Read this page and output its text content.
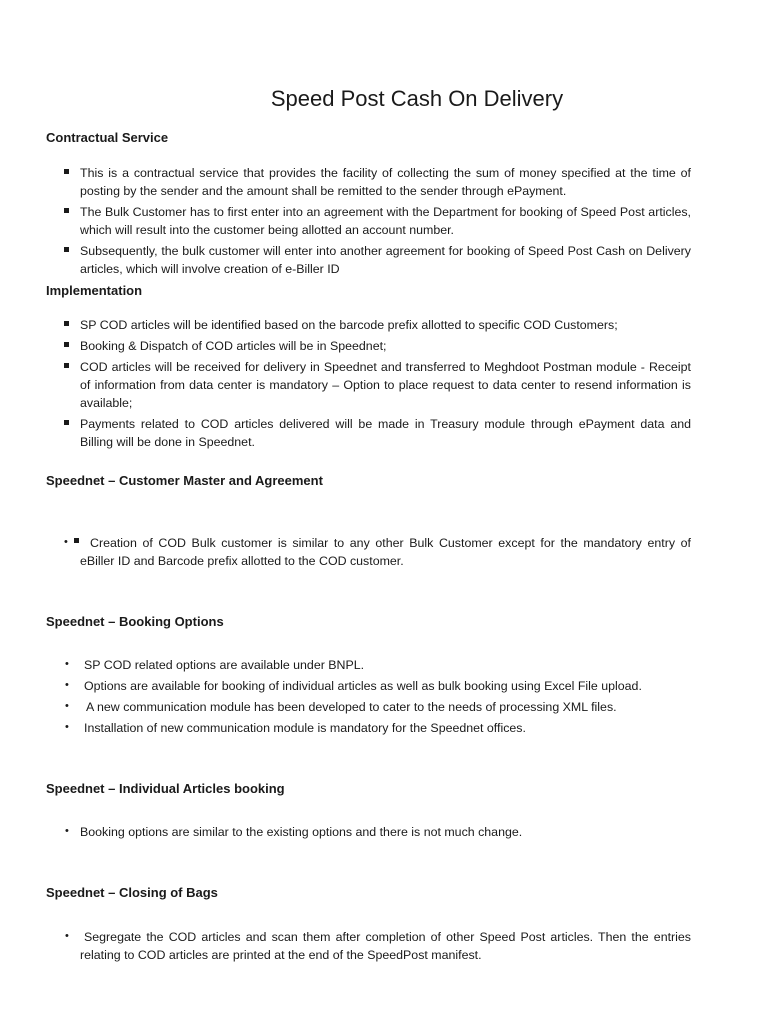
Speed Post Cash On Delivery
Contractual Service
This is a contractual service that provides the facility of collecting the sum of money specified at the time of posting by the sender and the amount shall be remitted to the sender through ePayment.
The Bulk Customer has to first enter into an agreement with the Department for booking of Speed Post articles, which will result into the customer being allotted an account number.
Subsequently, the bulk customer will enter into another agreement for booking of Speed Post Cash on Delivery articles, which will involve creation of e-Biller ID
Implementation
SP COD articles will be identified based on the barcode prefix allotted to specific COD Customers;
Booking & Dispatch of COD articles will be in Speednet;
COD articles will be received for delivery in Speednet and transferred to Meghdoot Postman module - Receipt of information from data center is mandatory – Option to place request to data center to resend information is available;
Payments related to COD articles delivered will be made in Treasury module through ePayment data and Billing will be done in Speednet.
Speednet – Customer Master and Agreement
•	Creation of COD Bulk customer is similar to any other Bulk Customer except for the mandatory entry of eBiller ID and Barcode prefix allotted to the COD customer.
Speednet – Booking Options
• SP COD related options are available under BNPL.
• Options are available for booking of individual articles as well as bulk booking using Excel File upload.
• A new communication module has been developed to cater to the needs of processing XML files.
• Installation of new communication module is mandatory for the Speednet offices.
Speednet – Individual Articles booking
• Booking options are similar to the existing options and there is not much change.
Speednet – Closing of Bags
• Segregate the COD articles and scan them after completion of other Speed Post articles. Then the entries relating to COD articles are printed at the end of the SpeedPost manifest.
